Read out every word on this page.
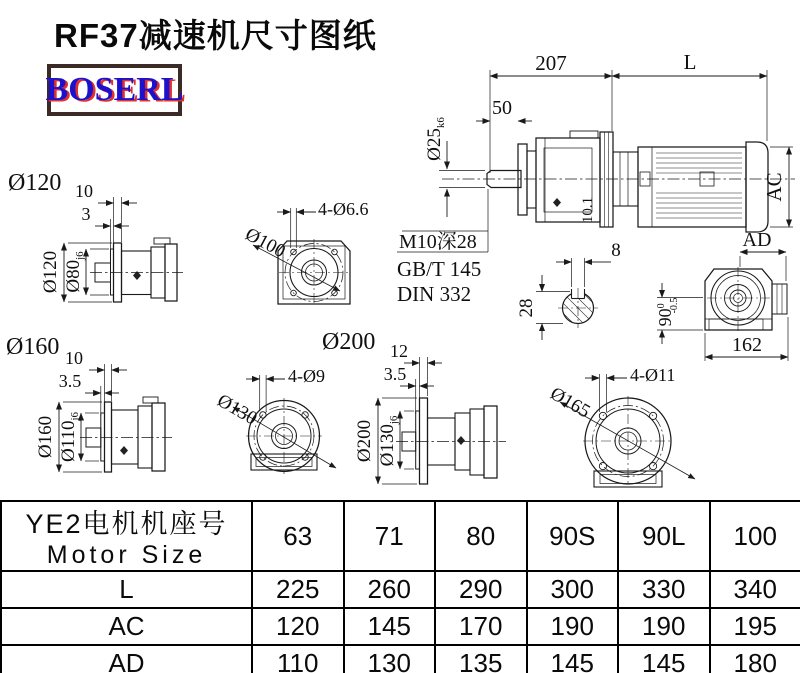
RF37减速机尺寸图纸
BOSERL
207	L
50
$Ø25_{k6}$
10.1
AC
M10深28
GB/T 145
DIN 332
8
28
AD
$90^0$ -0.5
162
Ø120 10
3
Ø120 $Ø80_{j6}$
4-Ø6.6
Ø100
Ø160 10
3.5
Ø160 $Ø110_{j6}$
4-Ø9
Ø130
Ø200 12
3.5
Ø200 $Ø130_{j6}$
4-Ø11
Ø165
YE2电机机座号
Motor Size	63	71	80	90S	90L	100
L	225	260	290	300	330	340
AC	120	145	170	190	190	195
AD	110	130	135	145	145	180
